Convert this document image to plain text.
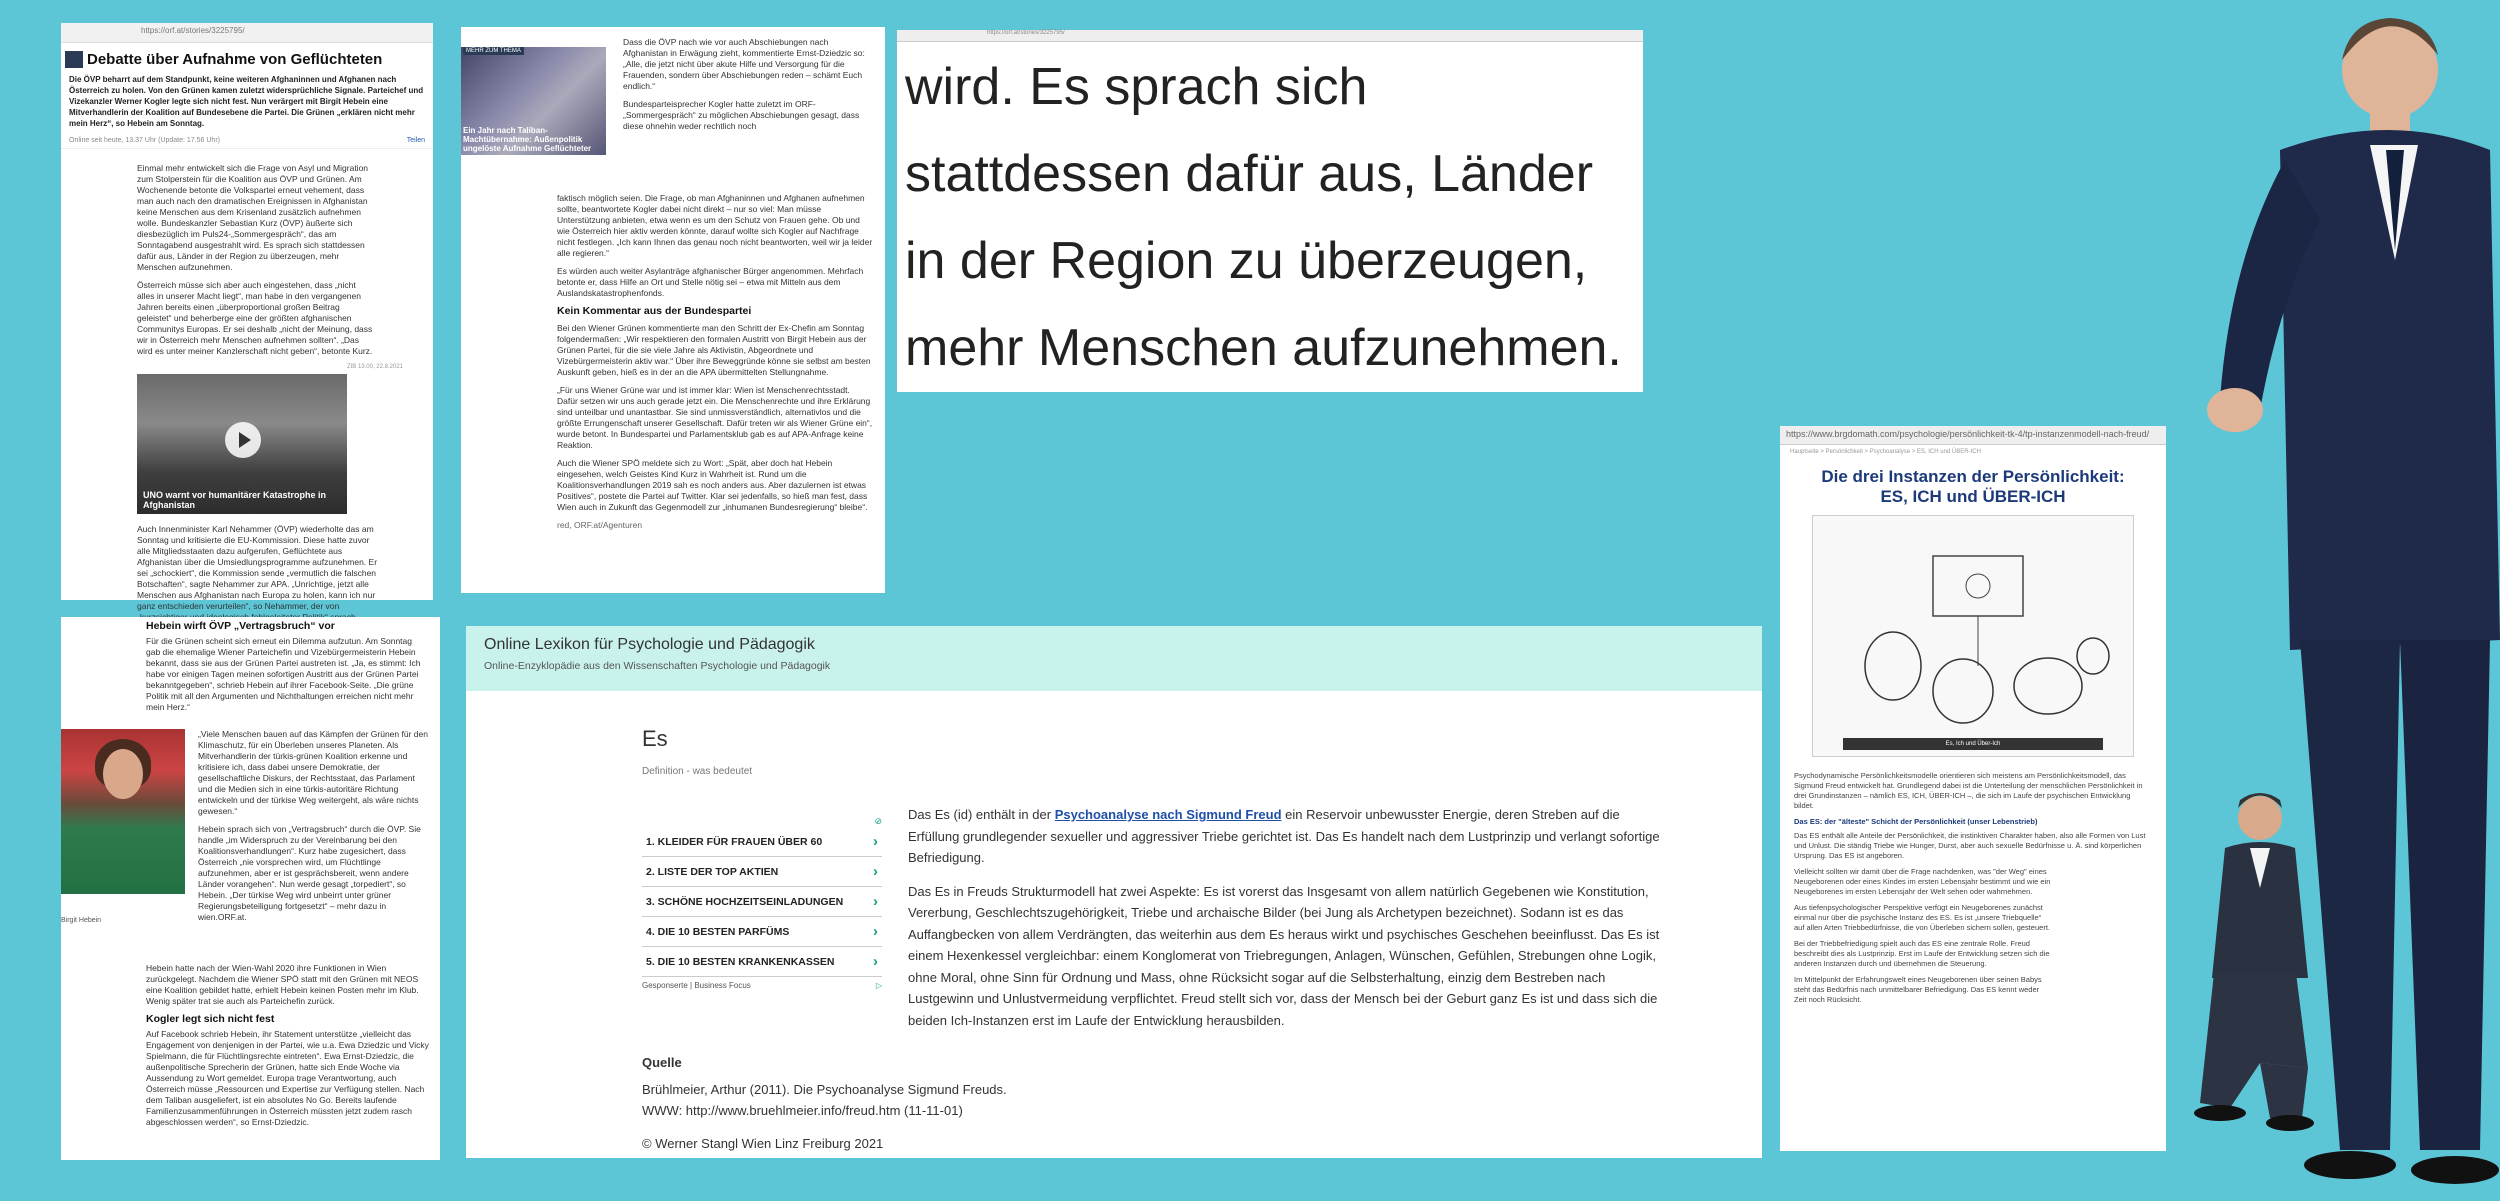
https://orf.at/stories/3225795/
Debatte über Aufnahme von Geflüchteten
Die ÖVP beharrt auf dem Standpunkt, keine weiteren Afghaninnen und Afghanen nach Österreich zu holen. Von den Grünen kamen zuletzt widersprüchliche Signale. Parteichef und Vizekanzler Werner Kogler legte sich nicht fest. Nun verärgert mit Birgit Hebein eine Mitverhandlerin der Koalition auf Bundesebene die Partei. Die Grünen „erklären nicht mehr mein Herz“, so Hebein am Sonntag.
Online seit heute, 13.37 Uhr (Update: 17.56 Uhr)	Teilen

Einmal mehr entwickelt sich die Frage von Asyl und Migration zum Stolperstein für die Koalition aus ÖVP und Grünen. Am Wochenende betonte die Volkspartei erneut vehement, dass man auch nach den dramatischen Ereignissen in Afghanistan keine Menschen aus dem Krisenland zusätzlich aufnehmen wolle. Bundeskanzler Sebastian Kurz (ÖVP) äußerte sich diesbezüglich im Puls24-„Sommergespräch“, das am Sonntagabend ausgestrahlt wird. Es sprach sich stattdessen dafür aus, Länder in der Region zu überzeugen, mehr Menschen aufzunehmen.

Österreich müsse sich aber auch eingestehen, dass „nicht alles in unserer Macht liegt“, man habe in den vergangenen Jahren bereits einen „überproportional großen Beitrag geleistet“ und beherberge eine der größten afghanischen Communitys Europas. Er sei deshalb „nicht der Meinung, dass wir in Österreich mehr Menschen aufnehmen sollten“. „Das wird es unter meiner Kanzlerschaft nicht geben“, betonte Kurz.

ZIB 13.00, 22.8.2021
UNO warnt vor humanitärer Katastrophe in Afghanistan
Auch Innenminister Karl Nehammer (ÖVP) wiederholte das am Sonntag und kritisierte die EU-Kommission. Diese hatte zuvor alle Mitgliedsstaaten dazu aufgerufen, Geflüchtete aus Afghanistan über die Umsiedlungsprogramme aufzunehmen. Er sei „schockiert“, die Kommission sende „vermutlich die falschen Botschaften“, sagte Nehammer zur APA. „Unrichtige, jetzt alle Menschen aus Afghanistan nach Europa zu holen, kann ich nur ganz entschieden verurteilen“, so Nehammer, der von
MEHR ZUM THEMA
Ein Jahr nach Taliban-Machtübernahme: Außenpolitik ungelöste Aufnahme Geflüchteter

Dass die ÖVP nach wie vor auch Abschiebungen nach Afghanistan in Erwägung zieht, kommentierte Ernst-Dziedzic so: „Alle, die jetzt nicht über akute Hilfe und Versorgung für die Frauenden, sondern über Abschiebungen reden – schämt Euch endlich.“

Bundesparteisprecher Kogler hatte zuletzt im ORF-„Sommergespräch“ zu möglichen Abschiebungen gesagt, dass diese ohnehin weder rechtlich noch

faktisch möglich seien. Die Frage, ob man Afghaninnen und Afghanen aufnehmen sollte, beantwortete Kogler dabei nicht direkt – nur so viel: Man müsse Unterstützung anbieten, etwa wenn es um den Schutz von Frauen gehe. Ob und wie Österreich hier aktiv werden könnte, darauf wollte sich Kogler auf Nachfrage nicht festlegen. „Ich kann Ihnen das genau noch nicht beantworten, weil wir ja leider alle regieren.“

Es würden auch weiter Asylanträge afghanischer Bürger angenommen. Mehrfach betonte er, dass Hilfe an Ort und Stelle nötig sei – etwa mit Mitteln aus dem Auslandskatastrophenfonds.

Kein Kommentar aus der Bundespartei

Bei den Wiener Grünen kommentierte man den Schritt der Ex-Chefin am Sonntag folgendermaßen: „Wir respektieren den formalen Austritt von Birgit Hebein aus der Grünen Partei, für die sie viele Jahre als Aktivistin, Abgeordnete und Vizebürgermeisterin aktiv war.“ Über ihre Beweggründe könne sie selbst am besten Auskunft geben, hieß es in der an die APA übermittelten Stellungnahme.

„Für uns Wiener Grüne war und ist immer klar: Wien ist Menschenrechtsstadt. Dafür setzen wir uns auch gerade jetzt ein. Die Menschenrechte und ihre Erklärung sind unteilbar und unantastbar. Sie sind unmissverständlich, alternativlos und die größte Errungenschaft unserer Gesellschaft. Dafür treten wir als Wiener Grüne ein“, wurde betont. In Bundespartei und Parlamentsklub gab es auf APA-Anfrage keine Reaktion.

Auch die Wiener SPÖ meldete sich zu Wort: „Spät, aber doch hat Hebein eingesehen, welch Geistes Kind Kurz in Wahrheit ist. Rund um die Koalitionsverhandlungen 2019 sah es noch anders aus. Aber dazulernen ist etwas Positives“, postete die Partei auf Twitter. Klar sei jedenfalls, so hieß man fest, dass Wien auch in Zukunft das Gegenmodell zur „inhumanen Bundesregierung“ bleibe“.

red, ORF.at/Agenturen

https://orf.at/stories/3225795/
wird. Es sprach sich
stattdessen dafür aus, Länder
in der Region zu überzeugen,
mehr Menschen aufzunehmen.
Hebein wirft ÖVP „Vertragsbruch“ vor

Für die Grünen scheint sich erneut ein Dilemma aufzutun. Am Sonntag gab die ehemalige Wiener Parteichefin und Vizebürgermeisterin Hebein bekannt, dass sie aus der Grünen Partei austreten ist. „Ja, es stimmt: Ich habe vor einigen Tagen meinen sofortigen Austritt aus der Grünen Partei bekanntgegeben“, schrieb Hebein auf ihrer Facebook-Seite. „Die grüne Politik mit all den Argumenten und Nichthaltungen erreichen nicht mehr mein Herz.“

Birgit Hebein

„Viele Menschen bauen auf das Kämpfen der Grünen für den Klimaschutz, für ein Überleben unseres Planeten. Als Mitverhandlerin der türkis-grünen Koalition erkenne und kritisiere ich, dass dabei unsere Demokratie, der gesellschaftliche Diskurs, der Rechtsstaat, das Parlament und die Medien sich in eine türkis-autoritäre Richtung entwickeln und der türkise Weg weitergeht, als wäre nichts gewesen.“

Hebein sprach sich von „Vertragsbruch“ durch die ÖVP. Sie handle „im Widerspruch zu der Vereinbarung bei den Koalitionsverhandlungen“. Kurz habe zugesichert, dass Österreich „nie vorsprechen wird, um Flüchtlinge aufzunehmen, aber er ist gesprächsbereit, wenn andere Länder vorangehen“. Nun werde gesagt „torpediert“, so Hebein. „Der türkise Weg wird unbeirrt unter grüner Regierungsbeteiligung fortgesetzt“ – mehr dazu in wien.ORF.at.

Hebein hatte nach der Wien-Wahl 2020 ihre Funktionen in Wien zurückgelegt. Nachdem die Wiener SPÖ statt mit den Grünen mit NEOS eine Koalition gebildet hatte, erhielt Hebein keinen Posten mehr im Klub. Wenig später trat sie auch als Parteichefin zurück.

Kogler legt sich nicht fest

Auf Facebook schrieb Hebein, ihr Statement unterstütze „vielleicht das Engagement von denjenigen in der Partei, wie u.a. Ewa Dziedzic und Vicky Spielmann, die für Flüchtlingsrechte eintreten“. Ewa Ernst-Dziedzic, die außenpolitische Sprecherin der Grünen, hatte sich Ende Woche via Aussendung zu Wort gemeldet. Europa trage Verantwortung, auch Österreich müsse „Ressourcen und Expertise zur Verfügung stellen. Nach dem Taliban ausgeliefert, ist ein absolutes No Go. Bereits laufende Familienzusammenführungen in Österreich müssten jetzt zudem rasch abgeschlossen werden“, so Ernst-Dziedzic.

Online Lexikon für Psychologie und Pädagogik
Online-Enzyklopädie aus den Wissenschaften Psychologie und Pädagogik
Es
Definition - was bedeutet
⊘
1. KLEIDER FÜR FRAUEN ÜBER 60	›
2. LISTE DER TOP AKTIEN	›
3. SCHÖNE HOCHZEITSEINLADUNGEN ›
4. DIE 10 BESTEN PARFÜMS	›
5. DIE 10 BESTEN KRANKENKASSEN	›
Gesponserte | Business Focus	▷

Das Es (id) enthält in der Psychoanalyse nach Sigmund Freud ein Reservoir unbewusster Energie, deren Streben auf die Erfüllung grundlegender sexueller und aggressiver Triebe gerichtet ist. Das Es handelt nach dem Lustprinzip und verlangt sofortige Befriedigung.

Das Es in Freuds Strukturmodell hat zwei Aspekte: Es ist vorerst das Insgesamt von allem natürlich Gegebenen wie Konstitution, Vererbung, Geschlechtszugehörigkeit, Triebe und archaische Bilder (bei Jung als Archetypen bezeichnet). Sodann ist es das Auffangbecken von allem Verdrängten, das weiterhin aus dem Es heraus wirkt und psychisches Geschehen beeinflusst. Das Es ist einem Hexenkessel vergleichbar: einem Konglomerat von Triebregungen, Anlagen, Wünschen, Gefühlen, Strebungen ohne Logik, ohne Moral, ohne Sinn für Ordnung und Mass, ohne Rücksicht sogar auf die Selbsterhaltung, einzig dem Bestreben nach Lustgewinn und Unlustvermeidung verpflichtet. Freud stellt sich vor, dass der Mensch bei der Geburt ganz Es ist und dass sich die beiden Ich-Instanzen erst im Laufe der Entwicklung herausbilden.

Quelle
Brühlmeier, Arthur (2011). Die Psychoanalyse Sigmund Freuds.
WWW: http://www.bruehlmeier.info/freud.htm (11-11-01)
© Werner Stangl Wien Linz Freiburg 2021
https://www.brgdomath.com/psychologie/persönlichkeit-tk-4/tp-instanzenmodell-nach-freud/
Hauptseite > Persönlichkeit > Psychoanalyse > ES, ICH und ÜBER-ICH
Die drei Instanzen der Persönlichkeit:
ES, ICH und ÜBER-ICH
Es, Ich und Über-Ich

Psychodynamische Persönlichkeitsmodelle orientieren sich meistens am Persönlichkeitsmodell, das Sigmund Freud entwickelt hat. Grundlegend dabei ist die Unterteilung der menschlichen Persönlichkeit in drei Grundinstanzen – nämlich ES, ICH, ÜBER-ICH –, die sich im Laufe der psychischen Entwicklung bildet.

Das ES: der "älteste" Schicht der Persönlichkeit (unser Lebenstrieb)

Das ES enthält alle Anteile der Persönlichkeit, die instinktiven Charakter haben, also alle Formen von Lust und Unlust. Die ständig Triebe wie Hunger, Durst, aber auch sexuelle Bedürfnisse u. Ä. sind körperlichen Ursprung. Das ES ist angeboren.

Vielleicht sollten wir damit über die Frage nachdenken, was "der Weg" eines Neugeborenen oder eines Kindes im ersten Lebensjahr bestimmt und wie ein Neugeborenes im ersten Lebensjahr der Welt sehen oder wahrnehmen.

Aus tiefenpsychologischer Perspektive verfügt ein Neugeborenes zunächst einmal nur über die psychische Instanz des ES. Es ist „unsere Triebquelle“ auf allen Arten Triebbedürfnisse, die von Überleben sichern sollen, gesteuert.

Bei der Triebbefriedigung spielt auch das ES eine zentrale Rolle. Freud beschreibt dies als Lustprinzip. Erst im Laufe der Entwicklung setzen sich die anderen Instanzen durch und übernehmen die Steuerung.

Im Mittelpunkt der Erfahrungswelt eines Neugeborenen über seinen Babys steht das Bedürfnis nach unmittelbarer Befriedigung. Das ES kennt weder Zeit noch Rücksicht.
